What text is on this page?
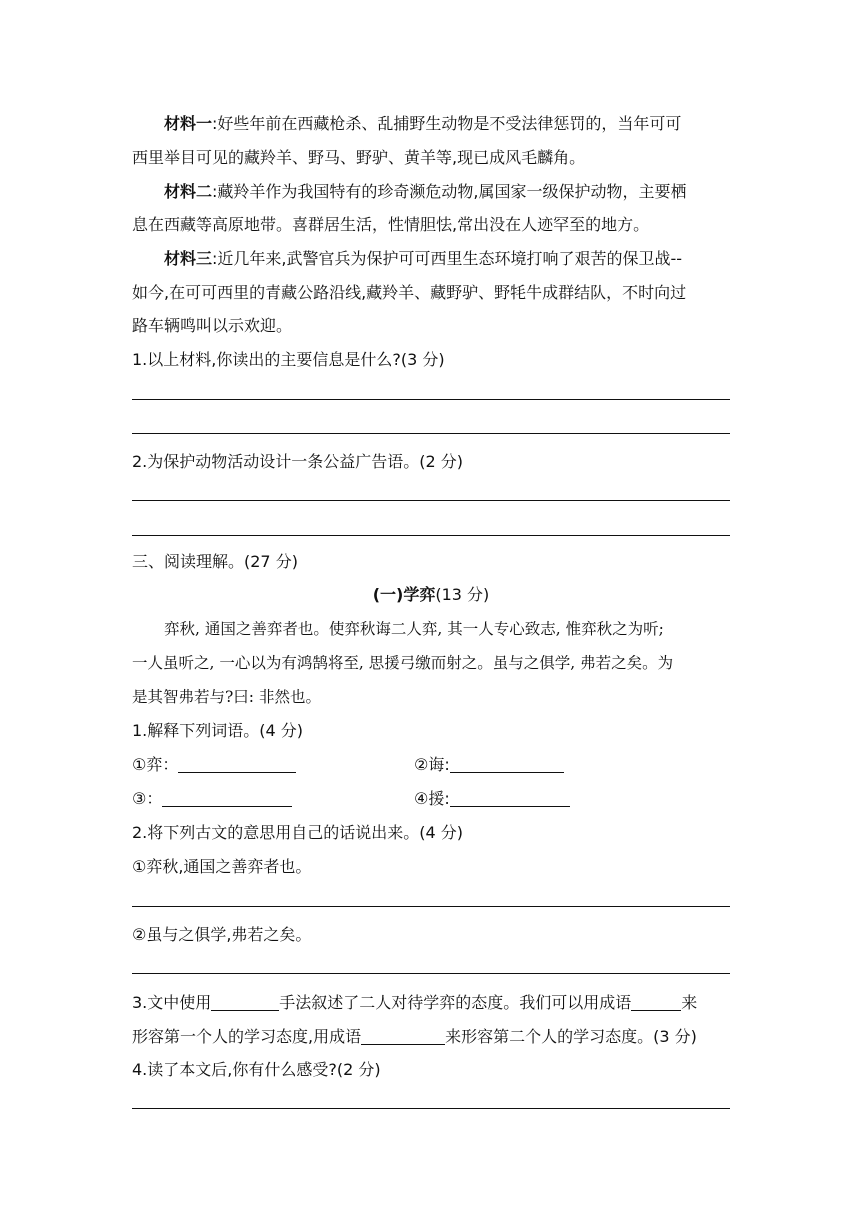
材料一:好些年前在西藏枪杀、乱捕野生动物是不受法律惩罚的，当年可可
西里举目可见的藏羚羊、野马、野驴、黄羊等,现已成风毛麟角。
材料二:藏羚羊作为我国特有的珍奇濒危动物,属国家一级保护动物，主要栖
息在西藏等高原地带。喜群居生活，性情胆怯,常出没在人迹罕至的地方。
材料三:近几年来,武警官兵为保护可可西里生态环境打响了艰苦的保卫战--
如今,在可可西里的青藏公路沿线,藏羚羊、藏野驴、野牦牛成群结队，不时向过
路车辆鸣叫以示欢迎。
1.以上材料,你读出的主要信息是什么?(3 分)
2.为保护动物活动设计一条公益广告语。(2 分)
三、阅读理解。(27 分)
(一)学弈(13 分)
弈秋, 通国之善弈者也。使弈秋诲二人弈, 其一人专心致志, 惟弈秋之为听;
一人虽听之, 一心以为有鸿鹄将至, 思援弓缴而射之。虽与之俱学, 弗若之矣。为
是其智弗若与?曰: 非然也。
1.解释下列词语。(4 分)
①弈：	②诲:
③：	④援:
2.将下列古文的意思用自己的话说出来。(4 分)
①弈秋,通国之善弈者也。
②虽与之俱学,弗若之矣。
3.文中使用	手法叙述了二人对待学弈的态度。我们可以用成语	来
形容第一个人的学习态度,用成语	来形容第二个人的学习态度。(3 分)
4.读了本文后,你有什么感受?(2 分)
